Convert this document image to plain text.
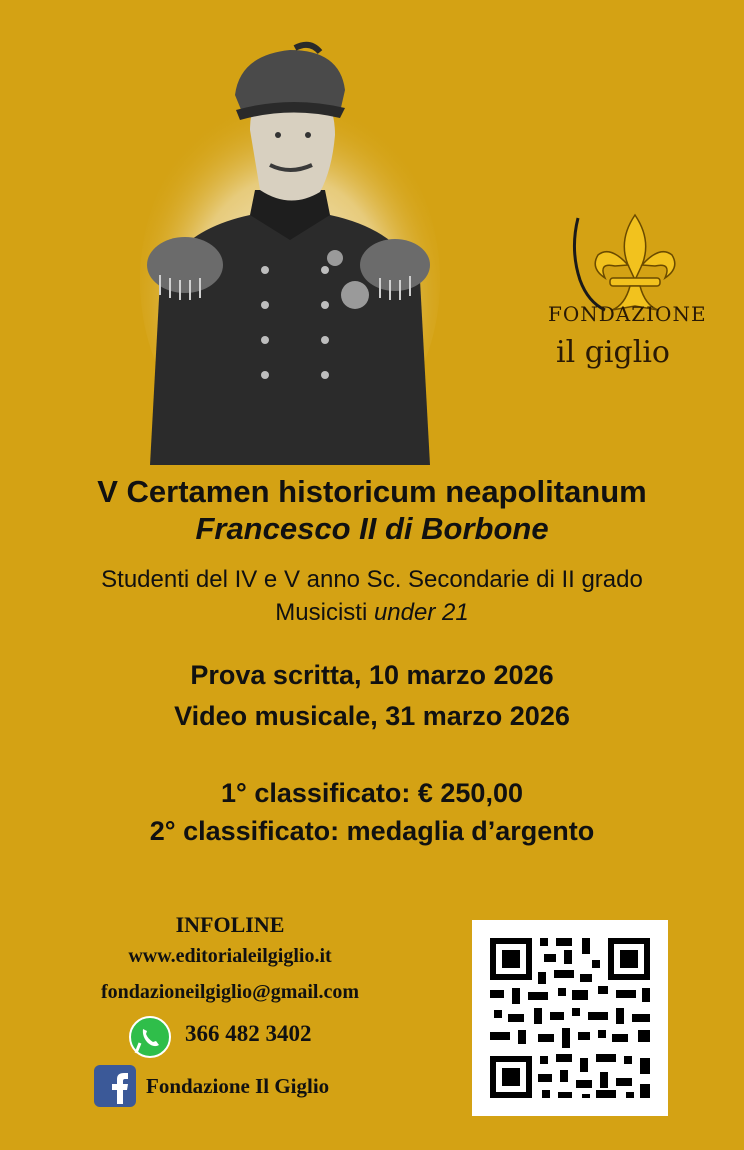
FONDAZIONE
il giglio
V Certamen historicum neapolitanum
Francesco II di Borbone
Studenti del IV e V anno Sc. Secondarie di II grado
Musicisti under 21
Prova scritta, 10 marzo 2026
Video musicale, 31 marzo 2026
1° classificato: € 250,00
2° classificato: medaglia d’argento
INFOLINE
www.editorialeilgiglio.it
fondazioneilgiglio@gmail.com
366 482 3402
Fondazione Il Giglio
